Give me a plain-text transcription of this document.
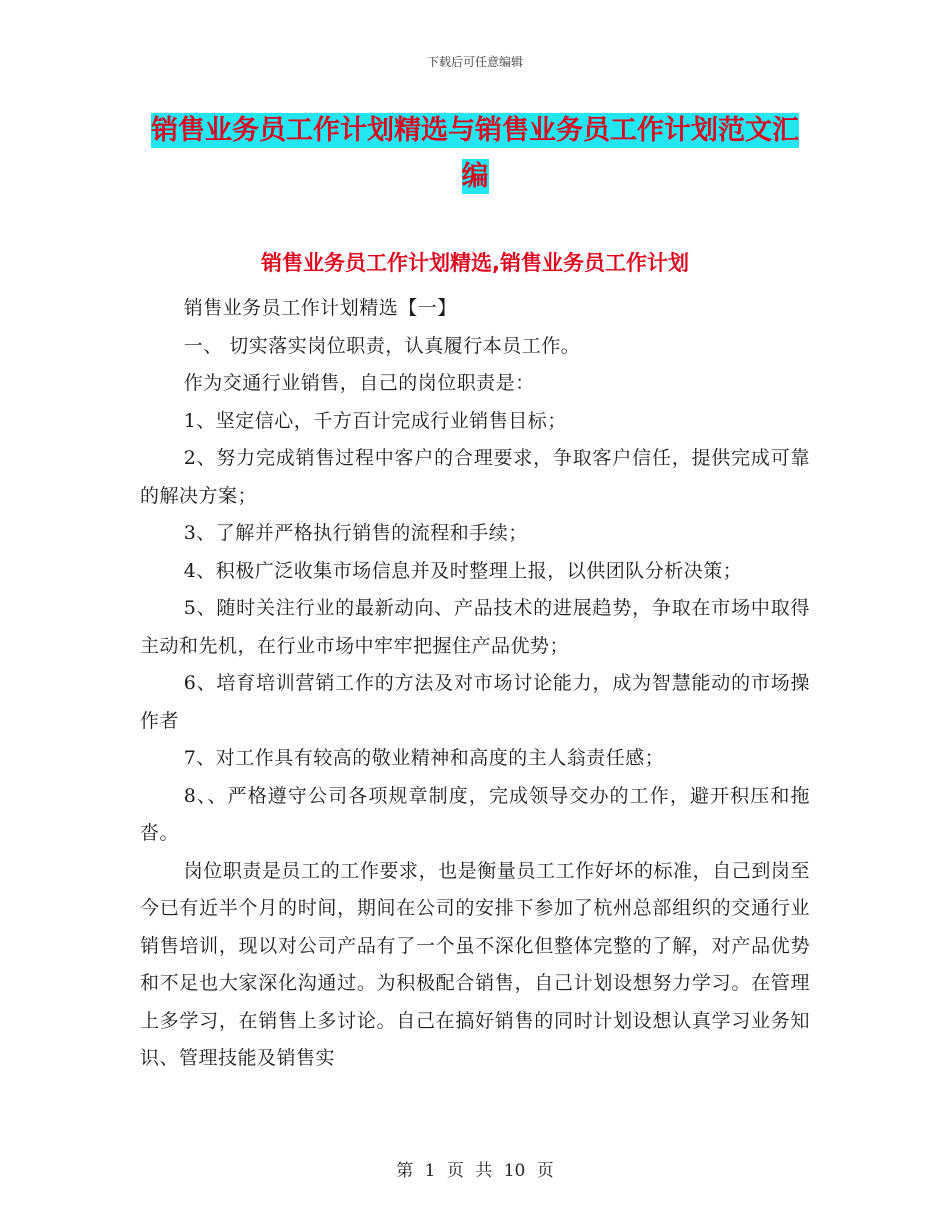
下载后可任意编辑
销售业务员工作计划精选与销售业务员工作计划范文汇编
销售业务员工作计划精选,销售业务员工作计划

销售业务员工作计划精选【一】

一、 切实落实岗位职责，认真履行本员工作。

作为交通行业销售，自己的岗位职责是：

1、坚定信心，千方百计完成行业销售目标；

2、努力完成销售过程中客户的合理要求，争取客户信任，提供完成可靠的解决方案；

3、了解并严格执行销售的流程和手续；

4、积极广泛收集市场信息并及时整理上报，以供团队分析决策；

5、随时关注行业的最新动向、产品技术的进展趋势，争取在市场中取得主动和先机，在行业市场中牢牢把握住产品优势；

6、培育培训营销工作的方法及对市场讨论能力，成为智慧能动的市场操作者

7、对工作具有较高的敬业精神和高度的主人翁责任感；

8、、严格遵守公司各项规章制度，完成领导交办的工作，避开积压和拖沓。

岗位职责是员工的工作要求，也是衡量员工工作好坏的标准，自己到岗至今已有近半个月的时间，期间在公司的安排下参加了杭州总部组织的交通行业销售培训，现以对公司产品有了一个虽不深化但整体完整的了解，对产品优势和不足也大家深化沟通过。为积极配合销售，自己计划设想努力学习。在管理上多学习，在销售上多讨论。自己在搞好销售的同时计划设想认真学习业务知识、管理技能及销售实

第 1 页 共 10 页
